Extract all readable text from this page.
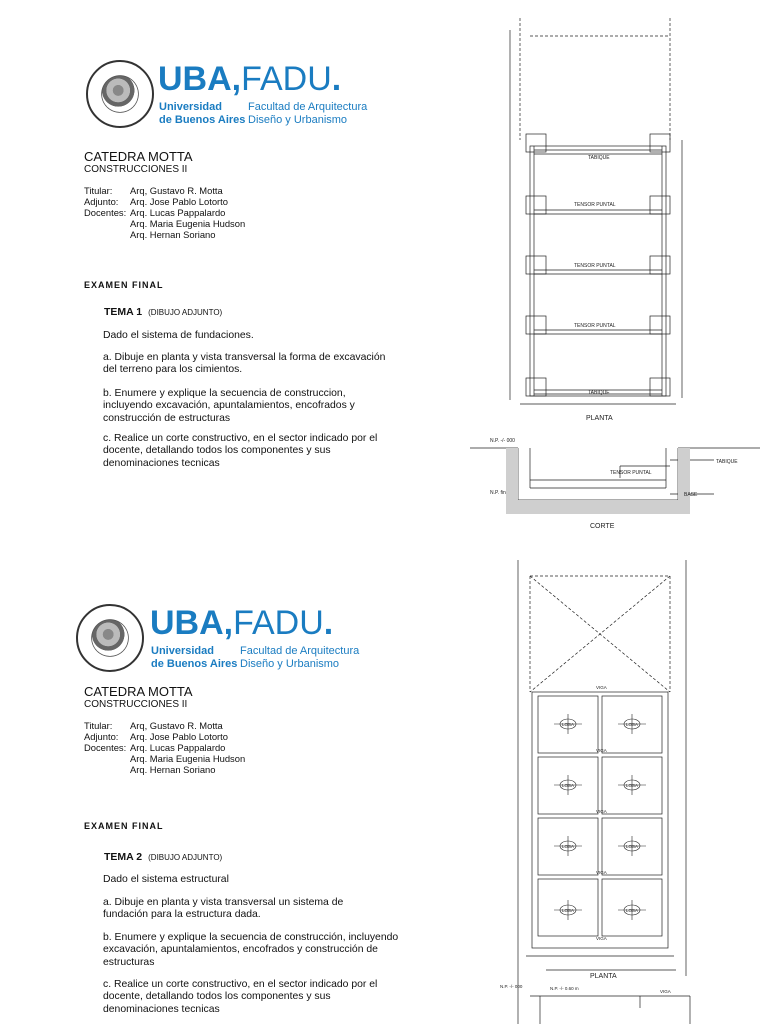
UBA,FADU.
Universidad
de Buenos Aires
Facultad de Arquitectura
Diseño y Urbanismo
CATEDRA MOTTA
CONSTRUCCIONES II
Titular: Arq, Gustavo R. Motta
Adjunto: Arq. Jose Pablo Lotorto
Docentes: Arq. Lucas Pappalardo
Arq. Maria Eugenia Hudson
Arq. Hernan Soriano
EXAMEN FINAL
TEMA 1 (DIBUJO ADJUNTO)
Dado el sistema de fundaciones.
a. Dibuje en planta y vista transversal la forma de excavación del terreno para los cimientos.
b. Enumere y explique la secuencia de construccion, incluyendo excavación, apuntalamientos, encofrados y construcción de estructuras
c. Realice un corte constructivo, en el sector indicado por el docente, detallando todos los componentes y sus denominaciones tecnicas
TABIQUE
TENSOR PUNTAL
TENSOR PUNTAL
TENSOR PUNTAL
TABIQUE
TENSOR PUNTAL
TABIQUE
BASE
N.P. -/- 000
N.P. fin
PLANTA
CORTE
UBA,FADU.
Universidad
de Buenos Aires
Facultad de Arquitectura
Diseño y Urbanismo
CATEDRA MOTTA
CONSTRUCCIONES II
Titular: Arq, Gustavo R. Motta
Adjunto: Arq. Jose Pablo Lotorto
Docentes: Arq. Lucas Pappalardo
Arq. Maria Eugenia Hudson
Arq. Hernan Soriano
EXAMEN FINAL
TEMA 2 (DIBUJO ADJUNTO)
Dado el sistema estructural
a. Dibuje en planta y vista transversal un sistema de fundación para la estructura dada.
b. Enumere y explique la secuencia de construcción, incluyendo excavación, apuntalamientos, encofrados y construcción de estructuras
c. Realice un corte constructivo, en el sector indicado por el docente, detallando todos los componentes y sus denominaciones tecnicas
VIGA
VIGA
VIGA
VIGA
VIGA
LOSA	LOSA
LOSA	LOSA
LOSA	LOSA
LOSA	LOSA
VIGA
N.P. -/- 000	N.P. -/- 0.60 m
PLANTA
